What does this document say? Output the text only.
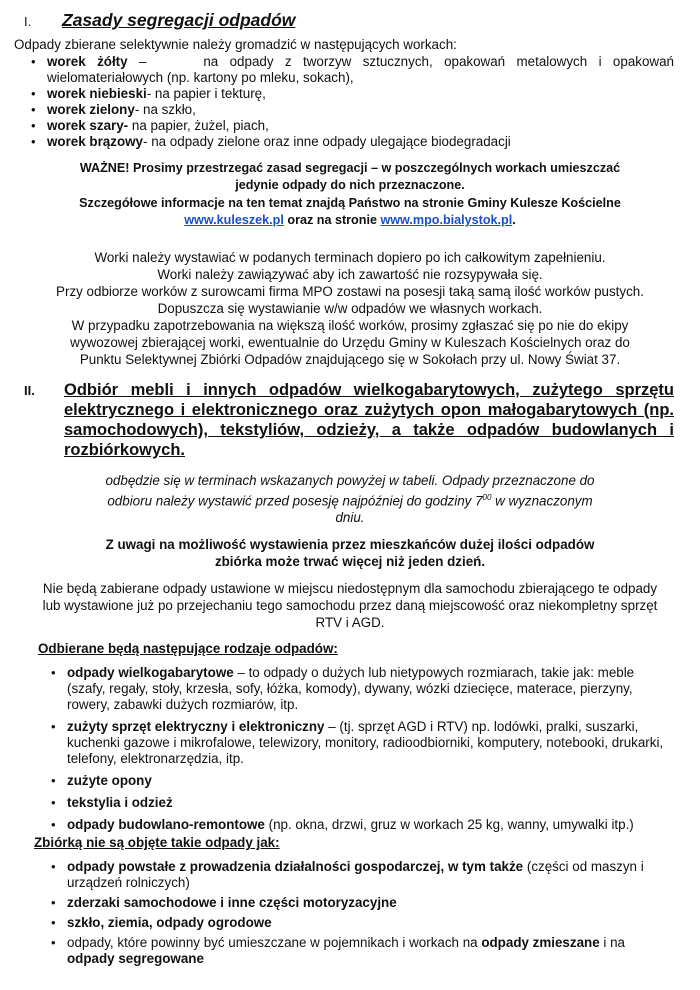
I.	Zasady segregacji odpadów

Odpady zbierane selektywnie należy gromadzić w następujących workach:

• worek żółty –     na odpady z tworzyw sztucznych, opakowań metalowych i opakowań wielomateriałowych (np. kartony po mleku, sokach),
• worek niebieski- na papier i tekturę,
• worek zielony- na szkło,
• worek szary- na papier, żużel, piach,
• worek brązowy- na odpady zielone oraz inne odpady ulegające biodegradacji

WAŻNE! Prosimy przestrzegać zasad segregacji – w poszczególnych workach umieszczać jedynie odpady do nich przeznaczone.

Szczegółowe informacje na ten temat znajdą Państwo na stronie Gminy Kulesze Kościelne
www.kuleszek.pl oraz na stronie www.mpo.bialystok.pl.

Worki należy wystawiać w podanych terminach dopiero po ich całkowitym zapełnieniu.

Worki należy zawiązywać aby ich zawartość nie rozsypywała się.

Przy odbiorze worków z surowcami firma MPO zostawi na posesji taką samą ilość worków pustych.

Dopuszcza się wystawianie w/w odpadów we własnych workach.

W przypadku zapotrzebowania na większą ilość worków, prosimy zgłaszać się po nie do ekipy wywozowej zbierającej worki, ewentualnie do Urzędu Gminy w Kuleszach Kościelnych oraz do Punktu Selektywnej Zbiórki Odpadów znajdującego się w Sokołach przy ul. Nowy Świat 37.

II.	Odbiór mebli i innych odpadów wielkogabarytowych, zużytego sprzętu elektrycznego i elektronicznego oraz zużytych opon małogabarytowych (np. samochodowych), tekstyliów, odzieży, a także odpadów budowlanych i rozbiórkowych.

odbędzie się w terminach wskazanych powyżej w tabeli. Odpady przeznaczone do odbioru należy wystawić przed posesję najpóźniej do godziny $7^{00}$ w wyznaczonym dniu.

Z uwagi na możliwość wystawienia przez mieszkańców dużej ilości odpadów zbiórka może trwać więcej niż jeden dzień.

Nie będą zabierane odpady ustawione w miejscu niedostępnym dla samochodu zbierającego te odpady lub wystawione już po przejechaniu tego samochodu przez daną miejscowość oraz niekompletny sprzęt RTV i AGD.

Odbierane będą następujące rodzaje odpadów:

• odpady wielkogabarytowe – to odpady o dużych lub nietypowych rozmiarach, takie jak: meble (szafy, regały, stoły, krzesła, sofy, łóżka, komody), dywany, wózki dziecięce, materace, pierzyny, rowery, zabawki dużych rozmiarów, itp.
• zużyty sprzęt elektryczny i elektroniczny – (tj. sprzęt AGD i RTV) np. lodówki, pralki, suszarki, kuchenki gazowe i mikrofalowe, telewizory, monitory, radioodbiorniki, komputery, notebooki, drukarki, telefony, elektronarzędzia, itp.
• zużyte opony
• tekstylia i odzież
• odpady budowlano-remontowe (np. okna, drzwi, gruz w workach 25 kg, wanny, umywalki itp.)

Zbiórką nie są objęte takie odpady jak:

• odpady powstałe z prowadzenia działalności gospodarczej, w tym także (części od maszyn i urządzeń rolniczych)
• zderzaki samochodowe i inne części motoryzacyjne
• szkło, ziemia, odpady ogrodowe
• odpady, które powinny być umieszczane w pojemnikach i workach na odpady zmieszane i na odpady segregowane
